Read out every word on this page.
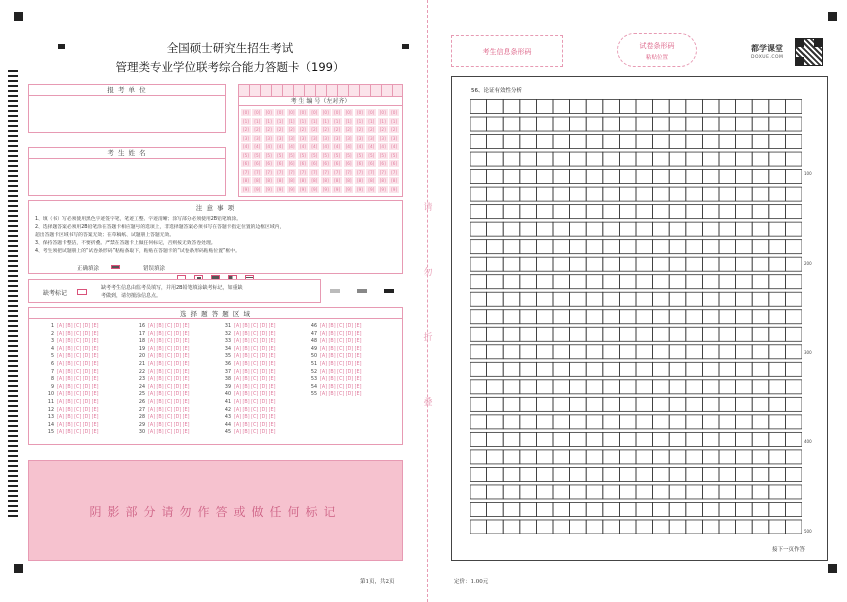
全国硕士研究生招生考试
管理类专业学位联考综合能力答题卡（199）
报 考 单 位
考 生 姓 名
考 生 编 号（左对齐）
[0]
[1]
[2]
[3]
[4]
[5]
[6]
[7]
[8]
[9]
[0]
[1]
[2]
[3]
[4]
[5]
[6]
[7]
[8]
[9]
[0]
[1]
[2]
[3]
[4]
[5]
[6]
[7]
[8]
[9]
[0]
[1]
[2]
[3]
[4]
[5]
[6]
[7]
[8]
[9]
[0]
[1]
[2]
[3]
[4]
[5]
[6]
[7]
[8]
[9]
[0]
[1]
[2]
[3]
[4]
[5]
[6]
[7]
[8]
[9]
[0]
[1]
[2]
[3]
[4]
[5]
[6]
[7]
[8]
[9]
[0]
[1]
[2]
[3]
[4]
[5]
[6]
[7]
[8]
[9]
[0]
[1]
[2]
[3]
[4]
[5]
[6]
[7]
[8]
[9]
[0]
[1]
[2]
[3]
[4]
[5]
[6]
[7]
[8]
[9]
[0]
[1]
[2]
[3]
[4]
[5]
[6]
[7]
[8]
[9]
[0]
[1]
[2]
[3]
[4]
[5]
[6]
[7]
[8]
[9]
[0]
[1]
[2]
[3]
[4]
[5]
[6]
[7]
[8]
[9]
[0]
[1]
[2]
[3]
[4]
[5]
[6]
[7]
[8]
[9]
注 意 事 项
1、填（书）写必须使用黑色字迹签字笔，笔迹工整、字迹清晰；涂写部分必须使用2B铅笔填涂。
2、选择题答案必须用2B铅笔涂在答题卡相应题号的选项上，非选择题答案必须书写在答题卡指定位置的边框区域内，
超出答题卡区域书写的答案无效；在草稿纸、试题册上答题无效。
3、保持答题卡整洁，不要折叠。严禁在答题卡上做任何标记，否则按无效答卷处理。
4、考生须把试题册上的“试卷条形码”粘贴条取下，粘贴在答题卡的“试卷条形码粘贴位置”框中。
正确填涂	错误填涂

缺考标记
缺考考生信息由监考员填写，并用2B铅笔填涂缺考标记，如重缺
考做到，请勿擅涂信息点。
选 择 题 答 题 区 域
1 [A] [B] [C] [D] [E]
2 [A] [B] [C] [D] [E]
3 [A] [B] [C] [D] [E]
4 [A] [B] [C] [D] [E]
5 [A] [B] [C] [D] [E]
6 [A] [B] [C] [D] [E]
7 [A] [B] [C] [D] [E]
8 [A] [B] [C] [D] [E]
9 [A] [B] [C] [D] [E]
10 [A] [B] [C] [D] [E]
11 [A] [B] [C] [D] [E]
12 [A] [B] [C] [D] [E]
13 [A] [B] [C] [D] [E]
14 [A] [B] [C] [D] [E]
15 [A] [B] [C] [D] [E]
16 [A] [B] [C] [D] [E]
17 [A] [B] [C] [D] [E]
18 [A] [B] [C] [D] [E]
19 [A] [B] [C] [D] [E]
20 [A] [B] [C] [D] [E]
21 [A] [B] [C] [D] [E]
22 [A] [B] [C] [D] [E]
23 [A] [B] [C] [D] [E]
24 [A] [B] [C] [D] [E]
25 [A] [B] [C] [D] [E]
26 [A] [B] [C] [D] [E]
27 [A] [B] [C] [D] [E]
28 [A] [B] [C] [D] [E]
29 [A] [B] [C] [D] [E]
30 [A] [B] [C] [D] [E]
31 [A] [B] [C] [D] [E]
32 [A] [B] [C] [D] [E]
33 [A] [B] [C] [D] [E]
34 [A] [B] [C] [D] [E]
35 [A] [B] [C] [D] [E]
36 [A] [B] [C] [D] [E]
37 [A] [B] [C] [D] [E]
38 [A] [B] [C] [D] [E]
39 [A] [B] [C] [D] [E]
40 [A] [B] [C] [D] [E]
41 [A] [B] [C] [D] [E]
42 [A] [B] [C] [D] [E]
43 [A] [B] [C] [D] [E]
44 [A] [B] [C] [D] [E]
45 [A] [B] [C] [D] [E]
46 [A] [B] [C] [D] [E]
47 [A] [B] [C] [D] [E]
48 [A] [B] [C] [D] [E]
49 [A] [B] [C] [D] [E]
50 [A] [B] [C] [D] [E]
51 [A] [B] [C] [D] [E]
52 [A] [B] [C] [D] [E]
53 [A] [B] [C] [D] [E]
54 [A] [B] [C] [D] [E]
55 [A] [B] [C] [D] [E]
阴影部分请勿作答或做任何标记
第1页，共2页
请
勿
折
叠
考生信息条形码
试卷条形码
粘贴位置
都学课堂
DOXUE.COM
56、论证有效性分析
接下一页作答
100
200
300
400
500
定价：1.00元
